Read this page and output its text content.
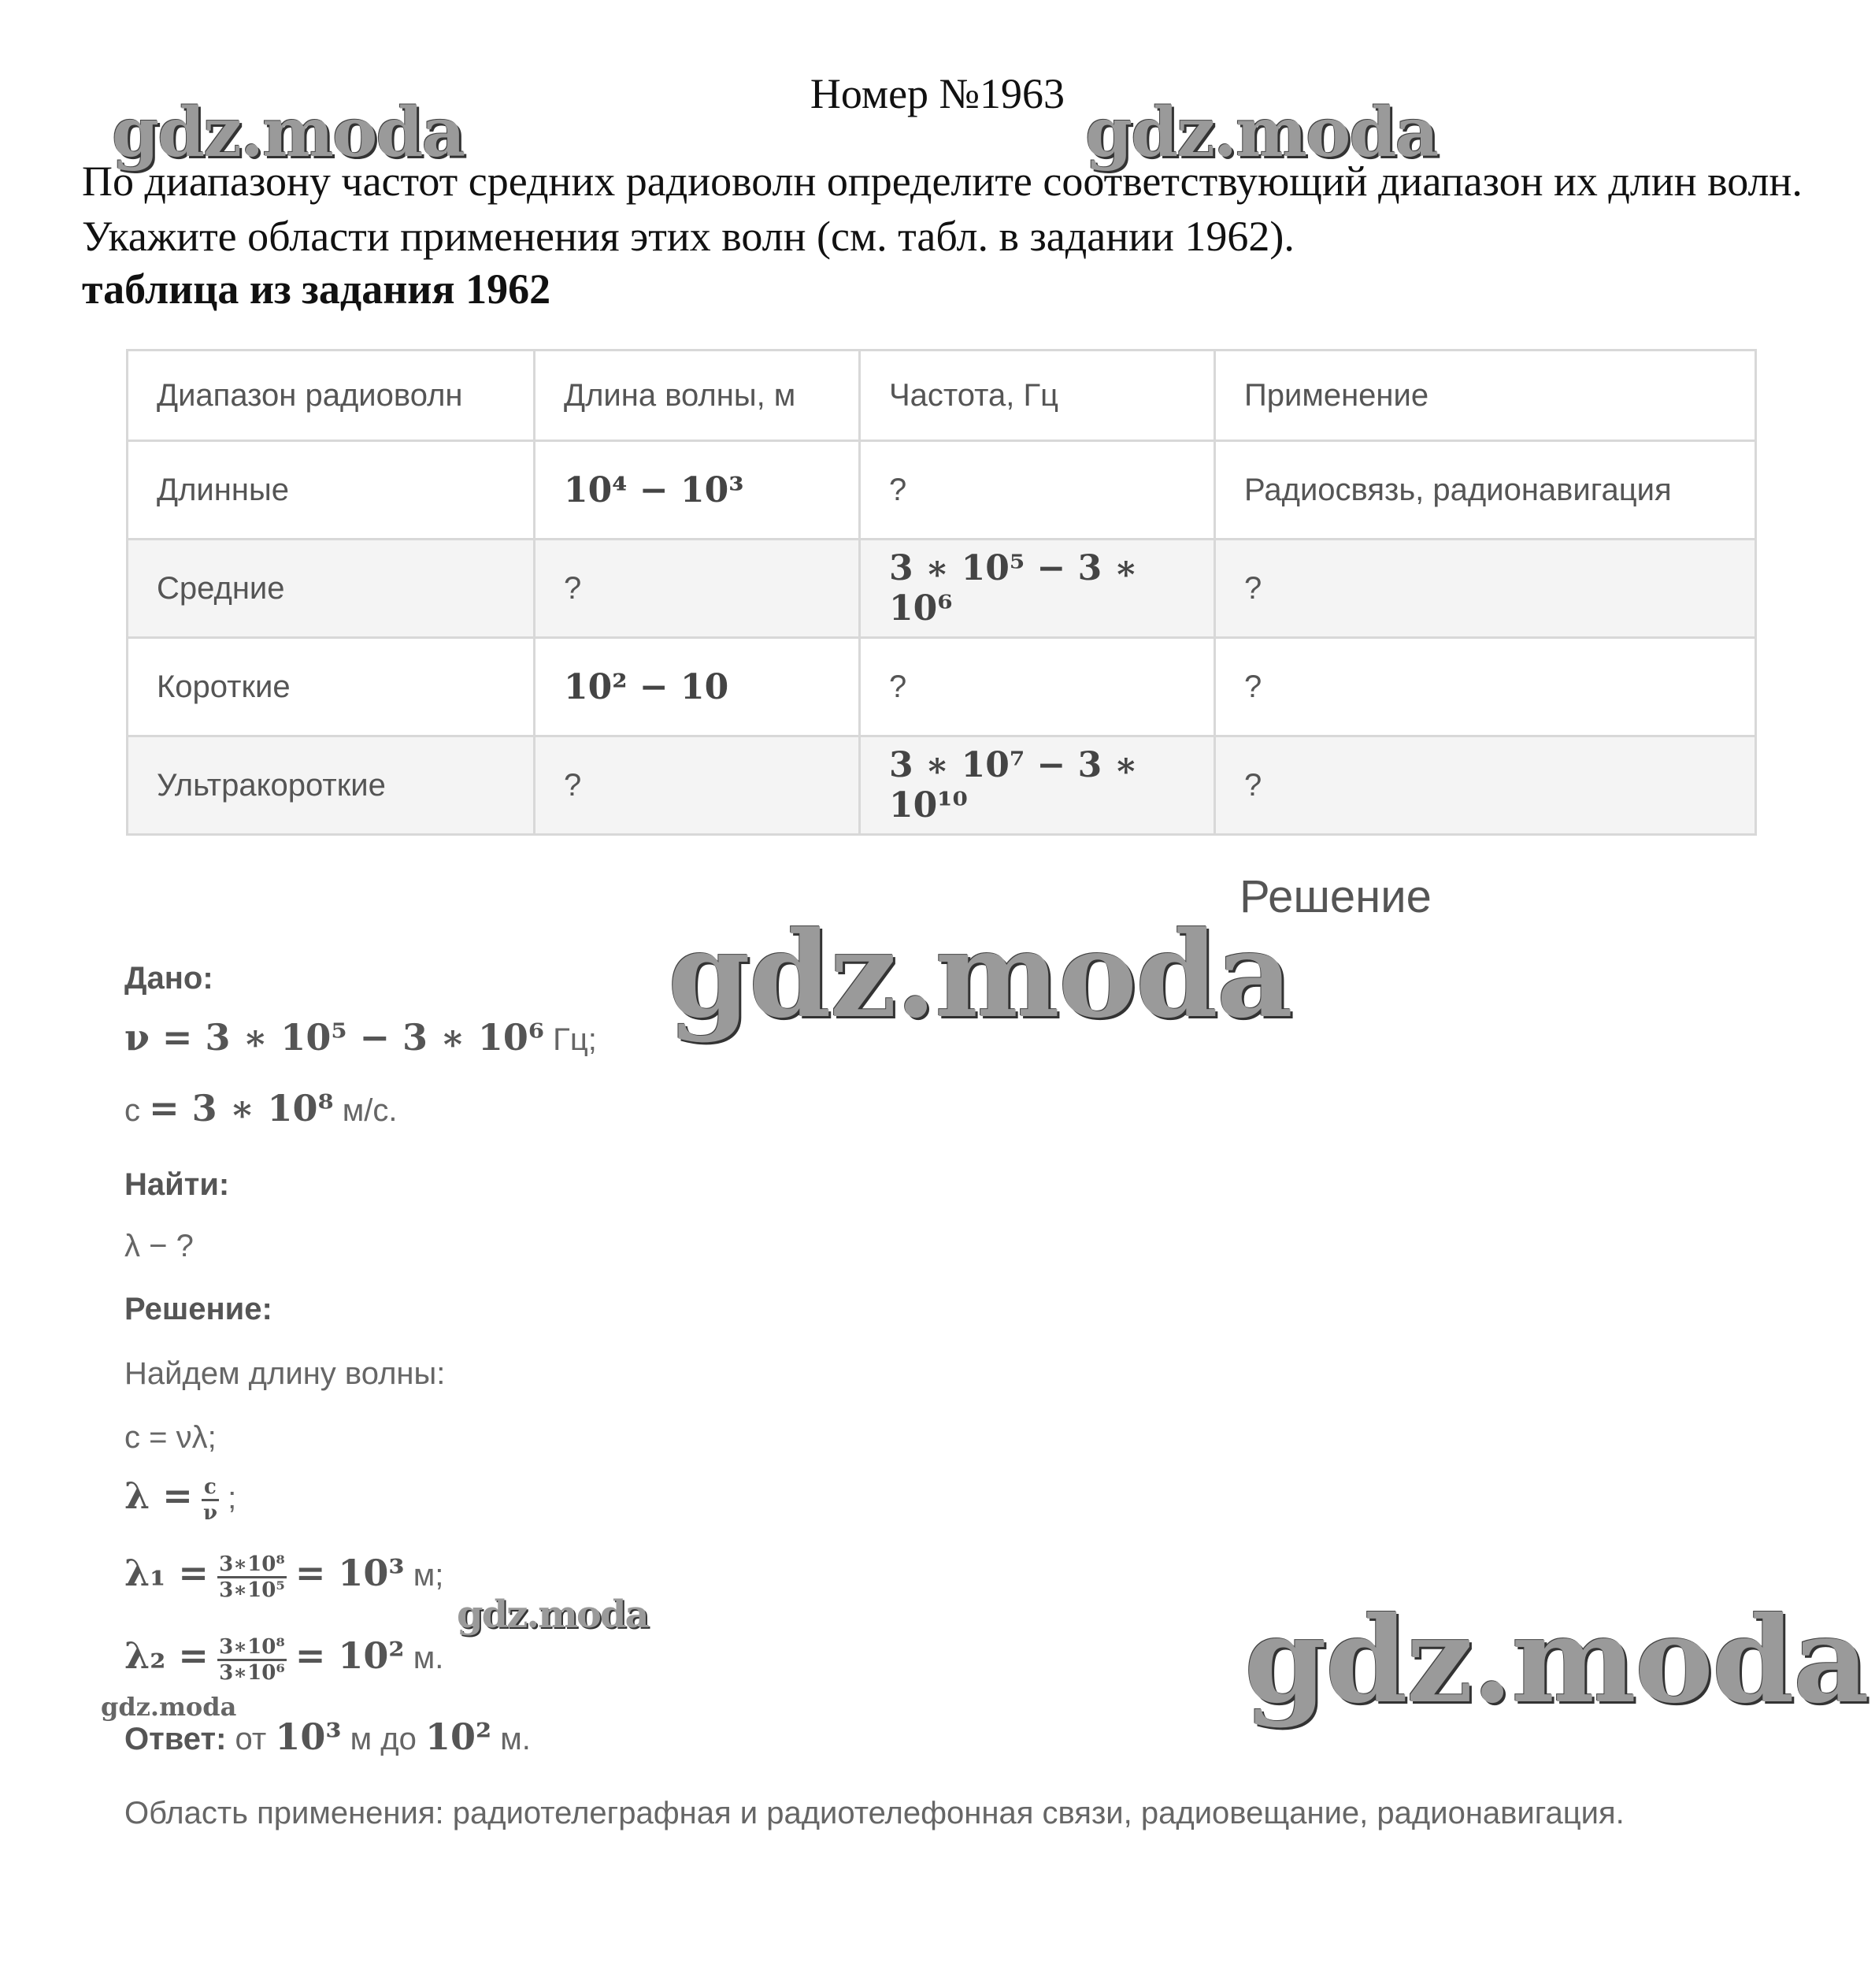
Номер №1963
По диапазону частот средних радиоволн определите соответствующий диапазон их длин волн. Укажите области применения этих волн (см. табл. в задании 1962).
таблица из задания 1962
Диапазон радиоволн	Длина волны, м	Частота, Гц	Применение
Длинные	10⁴ − 10³	?	Радиосвязь, радионавигация
Средние	?	3 ∗ 10⁵ − 3 ∗ 10⁶	?
Короткие	10² − 10	?	?
Ультракороткие	?	3 ∗ 10⁷ − 3 ∗ 10¹⁰	?
Решение
Дано:
ν = 3 ∗ 10⁵ − 3 ∗ 10⁶ Гц;
c = 3 ∗ 10⁸ м/с.
Найти:
λ − ?
Решение:
Найдем длину волны:
c = νλ;
$\lambda = \frac{c}{\nu}$ ;
$\lambda_1 = \frac{\text{3∗10⁸}}{\text{3∗10⁵}} = 10^3$ м;
$\lambda_2 = \frac{\text{3∗10⁸}}{\text{3∗10⁶}} = 10^2$ м.
Ответ: от 10³ м до 10² м.
Область применения: радиотелеграфная и радиотелефонная связи, радиовещание, радионавигация.
gdz.moda	gdz.moda
gdz.moda
gdz.moda	gdz.moda
gdz.moda
